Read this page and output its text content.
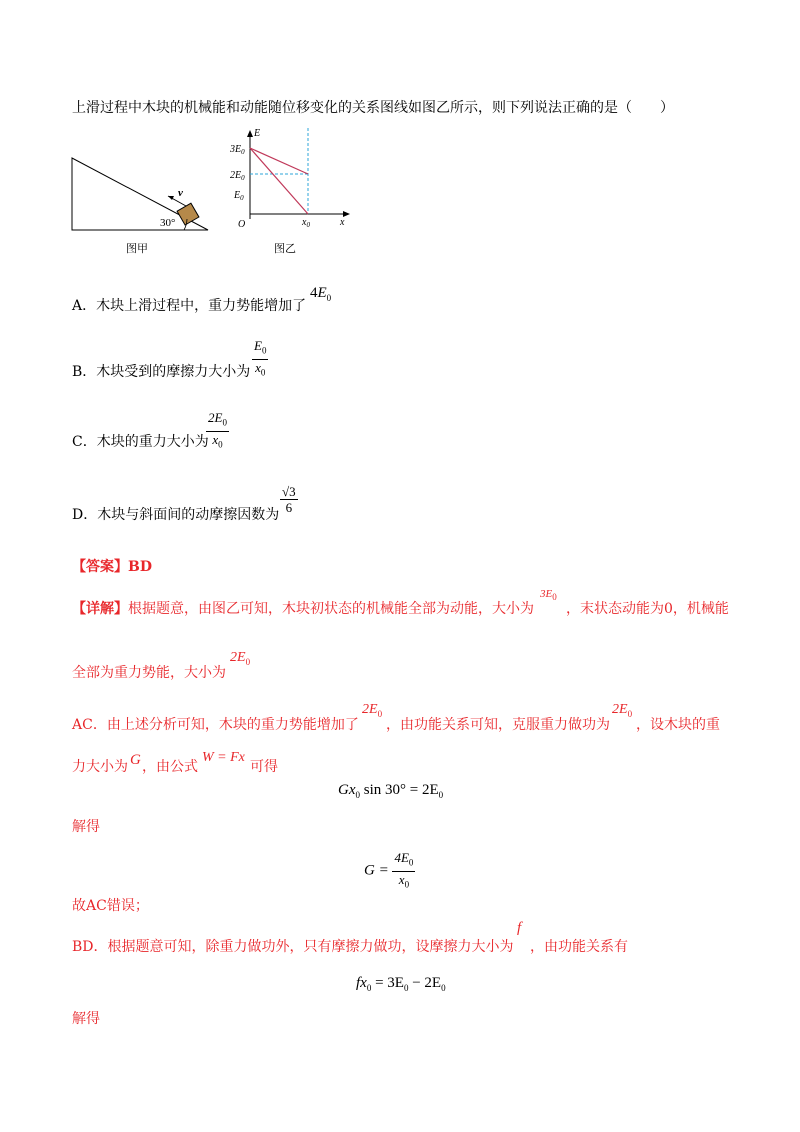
上滑过程中木块的机械能和动能随位移变化的关系图线如图乙所示，则下列说法正确的是（　　）
v
30°
图甲
E
x
O
$3E_0$
$2E_0$
$E_0$
$x_0$
图乙
A．木块上滑过程中，重力势能增加了
$4E_0$
B．木块受到的摩擦力大小为 $\frac{E_0}{x_0}$
C．木块的重力大小为
$\frac{2E_0}{x_0}$
D．木块与斜面间的动摩擦因数为 $\frac{√3}{6}$
【答案】BD
【详解】根据题意，由图乙可知，木块初状态的机械能全部为动能，大小为
$3E_0$
，末状态动能为0，机械能
全部为重力势能，大小为
$2E_0$
AC．由上述分析可知，木块的重力势能增加了
$2E_0$
，由功能关系可知，克服重力做功为
$2E_0$
，设木块的重
力大小为 G ，由公式
W = Fx
可得
$Gx_0$ $\sin 30^\circ = 2E_0$
解得
$G = \frac{4E_0}{x_0}$
故AC错误；
BD．根据题意可知，除重力做功外，只有摩擦力做功，设摩擦力大小为
f
，由功能关系有
$fx_0 = 3E_0 - 2E_0$
解得
